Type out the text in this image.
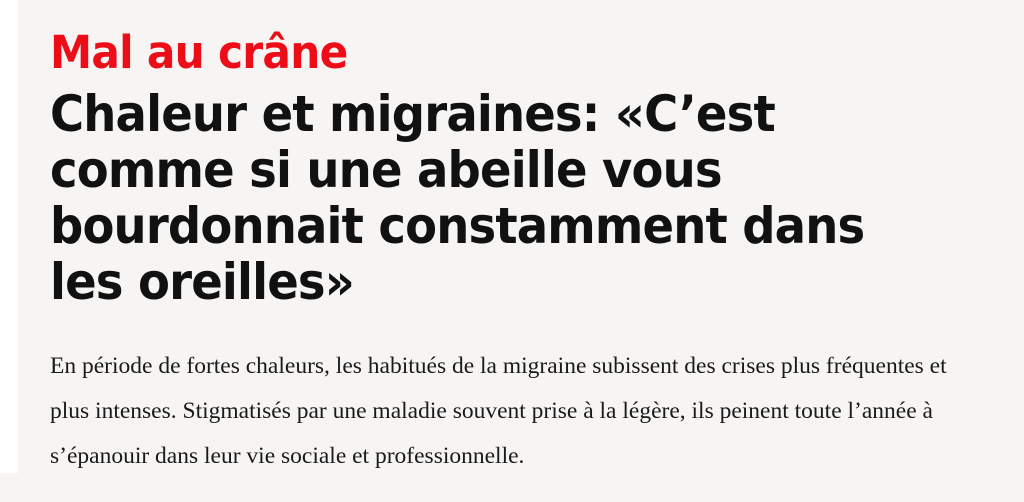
Mal au crâne
Chaleur et migraines: «C’est comme si une abeille vous bourdonnait constamment dans les oreilles»

En période de fortes chaleurs, les habitués de la migraine subissent des crises plus fréquentes et plus intenses. Stigmatisés par une maladie souvent prise à la légère, ils peinent toute l’année à s’épanouir dans leur vie sociale et professionnelle.
